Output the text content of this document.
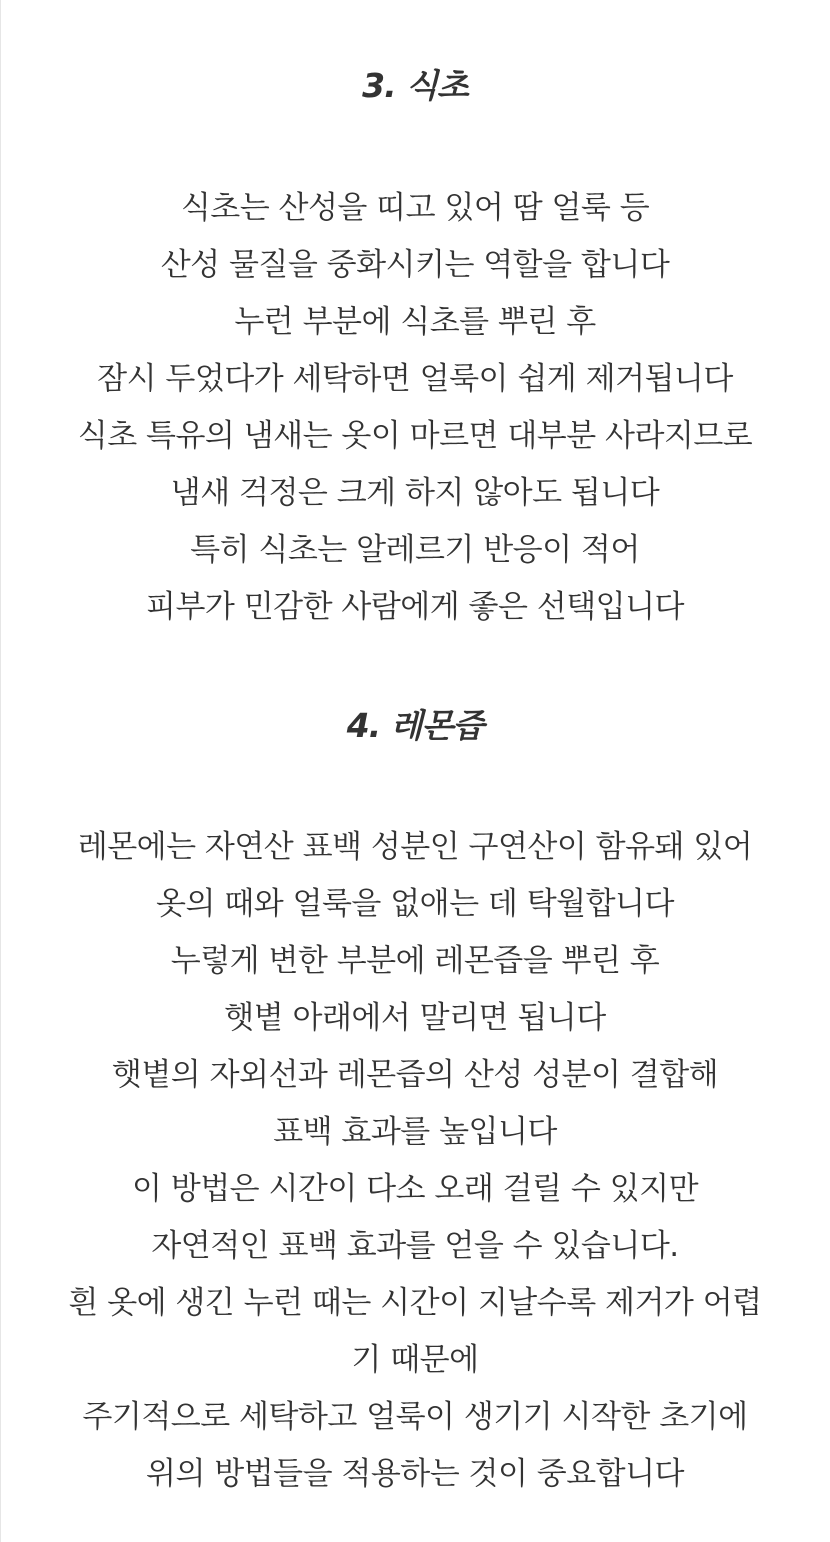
3. 식초

식초는 산성을 띠고 있어 땀 얼룩 등
산성 물질을 중화시키는 역할을 합니다
누런 부분에 식초를 뿌린 후
잠시 두었다가 세탁하면 얼룩이 쉽게 제거됩니다
식초 특유의 냄새는 옷이 마르면 대부분 사라지므로
냄새 걱정은 크게 하지 않아도 됩니다
특히 식초는 알레르기 반응이 적어
피부가 민감한 사람에게 좋은 선택입니다

4. 레몬즙

레몬에는 자연산 표백 성분인 구연산이 함유돼 있어
옷의 때와 얼룩을 없애는 데 탁월합니다
누렇게 변한 부분에 레몬즙을 뿌린 후
햇볕 아래에서 말리면 됩니다
햇볕의 자외선과 레몬즙의 산성 성분이 결합해
표백 효과를 높입니다
이 방법은 시간이 다소 오래 걸릴 수 있지만
자연적인 표백 효과를 얻을 수 있습니다.
흰 옷에 생긴 누런 때는 시간이 지날수록 제거가 어렵
기 때문에
주기적으로 세탁하고 얼룩이 생기기 시작한 초기에
위의 방법들을 적용하는 것이 중요합니다
